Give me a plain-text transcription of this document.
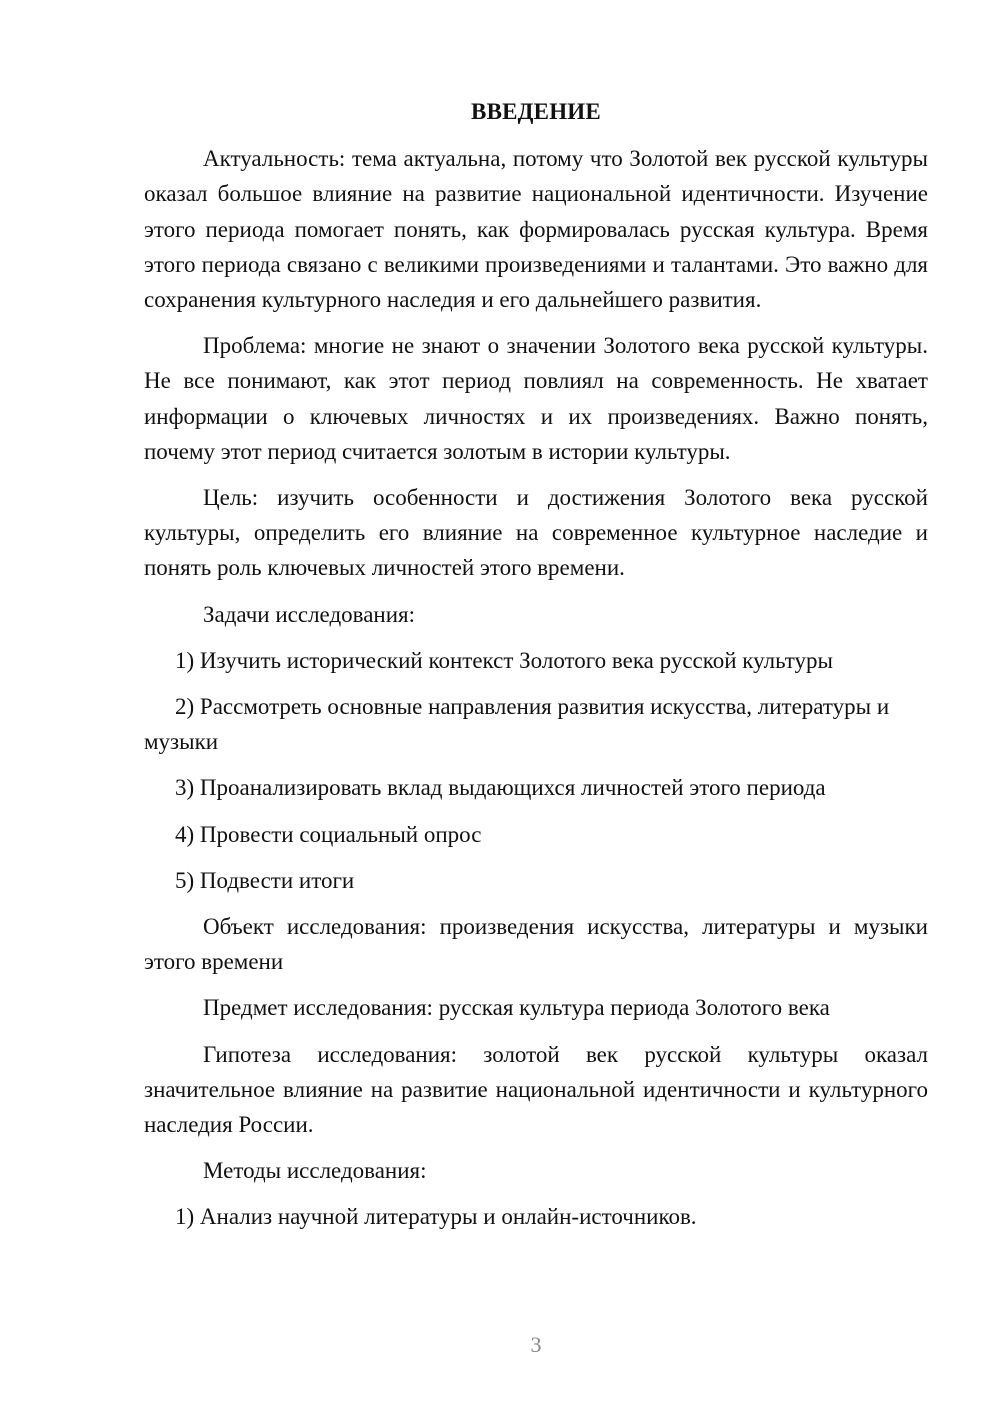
ВВЕДЕНИЕ

Актуальность: тема актуальна, потому что Золотой век русской культуры оказал большое влияние на развитие национальной идентичности. Изучение этого периода помогает понять, как формировалась русская культура. Время этого периода связано с великими произведениями и талантами. Это важно для сохранения культурного наследия и его дальнейшего развития.

Проблема: многие не знают о значении Золотого века русской культуры. Не все понимают, как этот период повлиял на современность. Не хватает информации о ключевых личностях и их произведениях. Важно понять, почему этот период считается золотым в истории культуры.

Цель: изучить особенности и достижения Золотого века русской культуры, определить его влияние на современное культурное наследие и понять роль ключевых личностей этого времени.

Задачи исследования:

1) Изучить исторический контекст Золотого века русской культуры
2) Рассмотреть основные направления развития искусства, литературы и музыки
3) Проанализировать вклад выдающихся личностей этого периода
4) Провести социальный опрос
5) Подвести итоги

Объект исследования: произведения искусства, литературы и музыки этого времени

Предмет исследования: русская культура периода Золотого века

Гипотеза исследования: золотой век русской культуры оказал значительное влияние на развитие национальной идентичности и культурного наследия России.

Методы исследования:

1) Анализ научной литературы и онлайн-источников.
3
